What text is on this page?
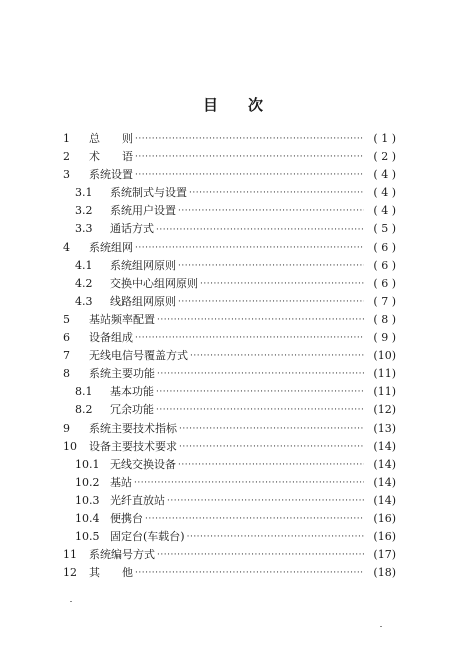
目 次
1	总　　则 ·····	( 1 )
2	术　　语 ·····	( 2 )
3	系统设置 ·····	( 4 )
3.1	系统制式与设置 ·····	( 4 )
3.2	系统用户设置 ·····	( 4 )
3.3	通话方式 ·····	( 5 )
4	系统组网 ·····	( 6 )
4.1	系统组网原则 ·····	( 6 )
4.2	交换中心组网原则 ·····	( 6 )
4.3	线路组网原则 ·····	( 7 )
5	基站频率配置 ·····	( 8 )
6	设备组成 ·····	( 9 )
7	无线电信号覆盖方式 ·····	(10)
8	系统主要功能 ·····	(11)
8.1	基本功能 ·····	(11)
8.2	冗余功能 ·····	(12)
9	系统主要技术指标 ·····	(13)
10	设备主要技术要求 ·····	(14)
10.1 无线交换设备 ·····	(14)
10.2 基站 ·····	(14)
10.3 光纤直放站 ·····	(14)
10.4 便携台 ·····	(16)
10.5 固定台(车载台) ·····	(16)
11	系统编号方式 ·····	(17)
12	其　　他 ·····	(18)
